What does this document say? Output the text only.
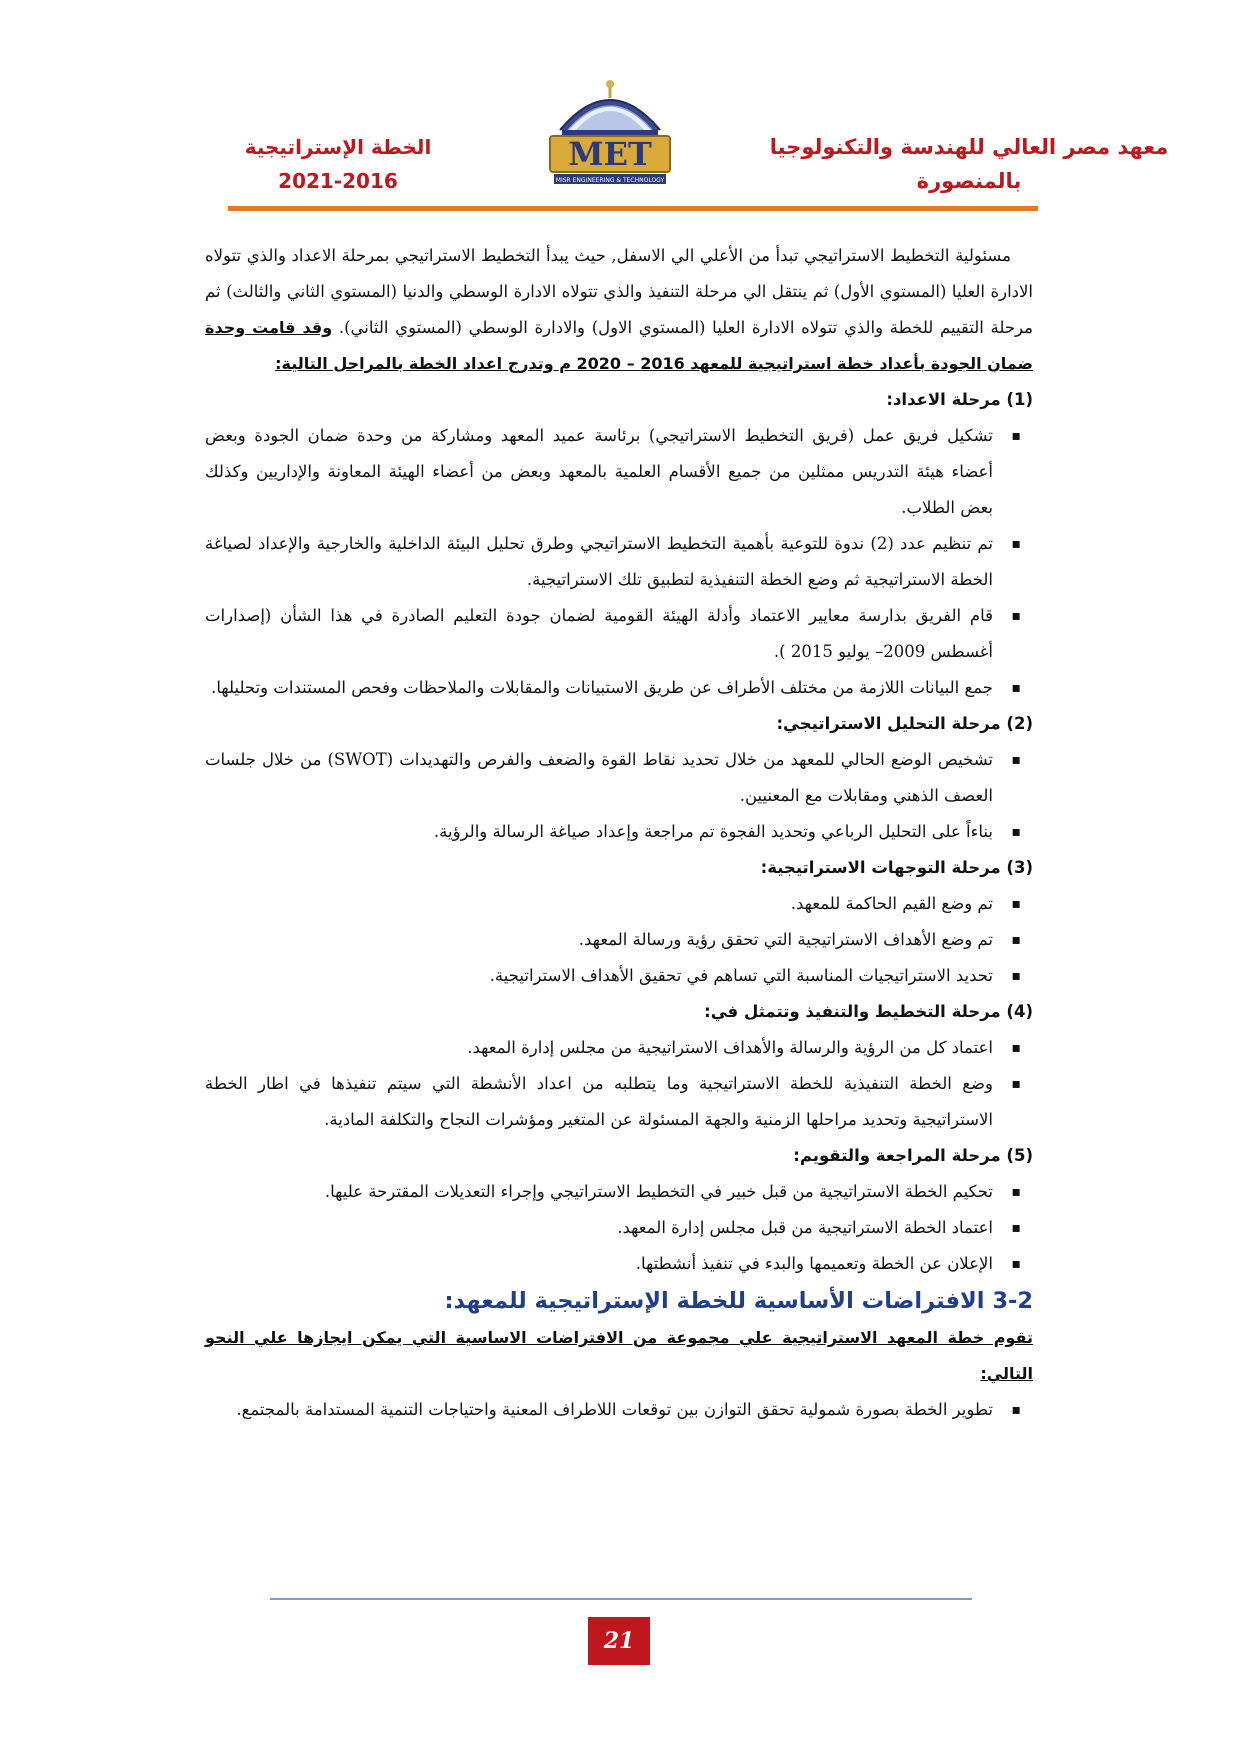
معهد مصر العالي للهندسة والتكنولوجيا
بالمنصورة
MET
MISR ENGINEERING & TECHNOLOGY
الخطة الإستراتيجية
2021-2016

مسئولية التخطيط الاستراتيجي تبدأ من الأعلي الي الاسفل, حيث يبدأ التخطيط الاستراتيجي بمرحلة الاعداد والذي تتولاه الادارة العليا (المستوي الأول) ثم ينتقل الي مرحلة التنفيذ والذي تتولاه الادارة الوسطي والدنيا (المستوي الثاني والثالث) ثم مرحلة التقييم للخطة والذي تتولاه الادارة العليا (المستوي الاول) والادارة الوسطي (المستوي الثاني). وقد قامت وحدة ضمان الجودة بأعداد خطة استراتيجية للمعهد 2016 – 2020 م وتدرج اعداد الخطة بالمراحل التالية:

(1) مرحلة الاعداد:

▪ تشكيل فريق عمل (فريق التخطيط الاستراتيجي) برئاسة عميد المعهد ومشاركة من وحدة ضمان الجودة وبعض أعضاء هيئة التدريس ممثلين من جميع الأقسام العلمية بالمعهد وبعض من أعضاء الهيئة المعاونة والإداريين وكذلك بعض الطلاب.
▪ تم تنظيم عدد (2) ندوة للتوعية بأهمية التخطيط الاستراتيجي وطرق تحليل البيئة الداخلية والخارجية والإعداد لصياغة الخطة الاستراتيجية ثم وضع الخطة التنفيذية لتطبيق تلك الاستراتيجية.
▪ قام الفريق بدارسة معايير الاعتماد وأدلة الهيئة القومية لضمان جودة التعليم الصادرة في هذا الشأن (إصدارات أغسطس 2009– يوليو 2015 ).
▪ جمع البيانات اللازمة من مختلف الأطراف عن طريق الاستبيانات والمقابلات والملاحظات وفحص المستندات وتحليلها.

(2) مرحلة التحليل الاستراتيجي:

▪ تشخيص الوضع الحالي للمعهد من خلال تحديد نقاط القوة والضعف والفرص والتهديدات (SWOT) من خلال جلسات العصف الذهني ومقابلات مع المعنيين.
▪ بناءاً على التحليل الرباعي وتحديد الفجوة تم مراجعة وإعداد صياغة الرسالة والرؤية.

(3) مرحلة التوجهات الاستراتيجية:

▪ تم وضع القيم الحاكمة للمعهد.
▪ تم وضع الأهداف الاستراتيجية التي تحقق رؤية ورسالة المعهد.
▪ تحديد الاستراتيجيات المناسبة التي تساهم في تحقيق الأهداف الاستراتيجية.

(4) مرحلة التخطيط والتنفيذ وتتمثل في:

▪ اعتماد كل من الرؤية والرسالة والأهداف الاستراتيجية من مجلس إدارة المعهد.
▪ وضع الخطة التنفيذية للخطة الاستراتيجية وما يتطلبه من اعداد الأنشطة التي سيتم تنفيذها في اطار الخطة الاستراتيجية وتحديد مراحلها الزمنية والجهة المسئولة عن المتغير ومؤشرات النجاح والتكلفة المادية.

(5) مرحلة المراجعة والتقويم:

▪ تحكيم الخطة الاستراتيجية من قبل خبير في التخطيط الاستراتيجي وإجراء التعديلات المقترحة عليها.
▪ اعتماد الخطة الاستراتيجية من قبل مجلس إدارة المعهد.
▪ الإعلان عن الخطة وتعميمها والبدء في تنفيذ أنشطتها.

3-2 الافتراضات الأساسية للخطة الإستراتيجية للمعهد:

تقوم خطة المعهد الاستراتيجية علي مجموعة من الافتراضات الاساسية التي يمكن ايجازها علي النحو التالي:

▪ تطوير الخطة بصورة شمولية تحقق التوازن بين توقعات اللاطراف المعنية واحتياجات التنمية المستدامة بالمجتمع.
21
